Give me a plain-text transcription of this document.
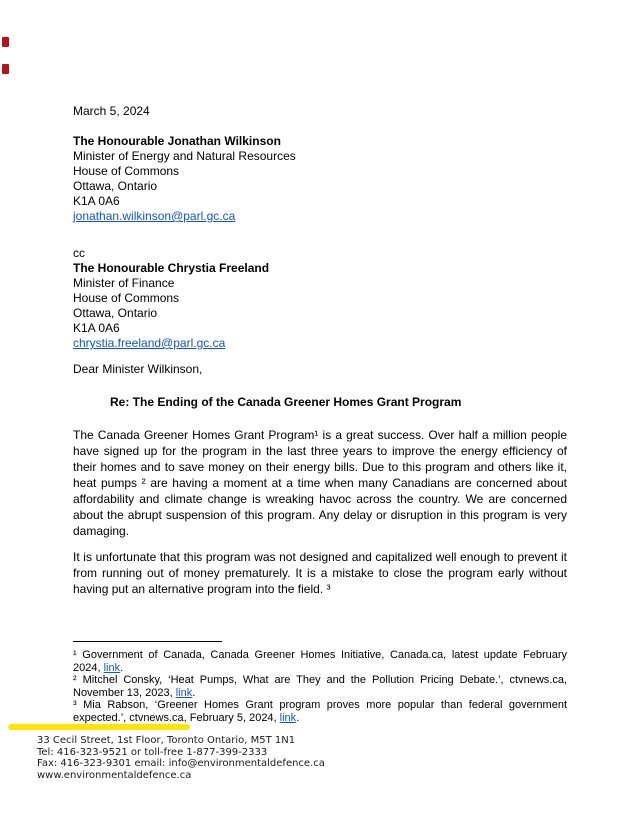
March 5, 2024
The Honourable Jonathan Wilkinson
Minister of Energy and Natural Resources
House of Commons
Ottawa, Ontario
K1A 0A6
jonathan.wilkinson@parl.gc.ca
cc
The Honourable Chrystia Freeland
Minister of Finance
House of Commons
Ottawa, Ontario
K1A 0A6
chrystia.freeland@parl.gc.ca
Dear Minister Wilkinson,
Re: The Ending of the Canada Greener Homes Grant Program
The Canada Greener Homes Grant Program¹ is a great success. Over half a million people have signed up for the program in the last three years to improve the energy efficiency of their homes and to save money on their energy bills. Due to this program and others like it, heat pumps ² are having a moment at a time when many Canadians are concerned about affordability and climate change is wreaking havoc across the country. We are concerned about the abrupt suspension of this program. Any delay or disruption in this program is very damaging.
It is unfortunate that this program was not designed and capitalized well enough to prevent it from running out of money prematurely. It is a mistake to close the program early without having put an alternative program into the field. ³
¹ Government of Canada, Canada Greener Homes Initiative, Canada.ca, latest update February 2024, link.
² Mitchel Consky, ‘Heat Pumps, What are They and the Pollution Pricing Debate.’, ctvnews.ca, November 13, 2023, link.
³ Mia Rabson, ‘Greener Homes Grant program proves more popular than federal government expected.’, ctvnews.ca, February 5, 2024, link.
33 Cecil Street, 1st Floor, Toronto Ontario, M5T 1N1
Tel: 416-323-9521 or toll-free 1-877-399-2333
Fax: 416-323-9301 email: info@environmentaldefence.ca
www.environmentaldefence.ca
